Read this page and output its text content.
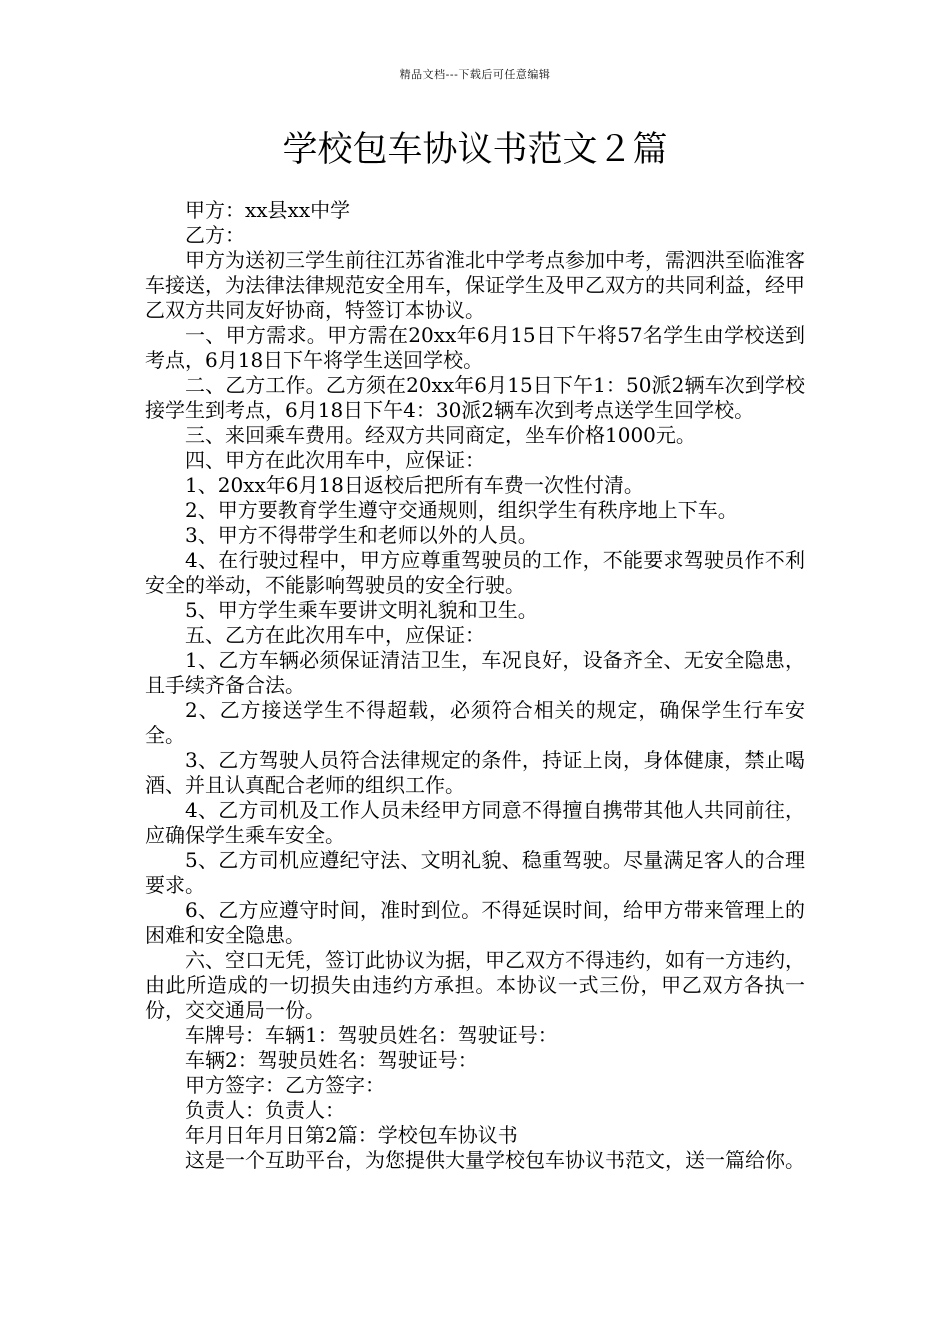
精品文档---下载后可任意编辑
学校包车协议书范文２篇

甲方：xx县xx中学

乙方：

甲方为送初三学生前往江苏省淮北中学考点参加中考，需泗洪至临淮客车接送，为法律法律规范安全用车，保证学生及甲乙双方的共同利益，经甲乙双方共同友好协商，特签订本协议。

一、甲方需求。甲方需在20xx年6月15日下午将57名学生由学校送到考点，6月18日下午将学生送回学校。

二、乙方工作。乙方须在20xx年6月15日下午1：50派2辆车次到学校接学生到考点，6月18日下午4：30派2辆车次到考点送学生回学校。

三、来回乘车费用。经双方共同商定，坐车价格1000元。

四、甲方在此次用车中，应保证：

1、20xx年6月18日返校后把所有车费一次性付清。

2、甲方要教育学生遵守交通规则，组织学生有秩序地上下车。

3、甲方不得带学生和老师以外的人员。

4、在行驶过程中，甲方应尊重驾驶员的工作，不能要求驾驶员作不利安全的举动，不能影响驾驶员的安全行驶。

5、甲方学生乘车要讲文明礼貌和卫生。

五、乙方在此次用车中，应保证：

1、乙方车辆必须保证清洁卫生，车况良好，设备齐全、无安全隐患，且手续齐备合法。

2、乙方接送学生不得超载，必须符合相关的规定，确保学生行车安全。

3、乙方驾驶人员符合法律规定的条件，持证上岗，身体健康，禁止喝酒、并且认真配合老师的组织工作。

4、乙方司机及工作人员未经甲方同意不得擅自携带其他人共同前往，应确保学生乘车安全。

5、乙方司机应遵纪守法、文明礼貌、稳重驾驶。尽量满足客人的合理要求。

6、乙方应遵守时间，准时到位。不得延误时间，给甲方带来管理上的困难和安全隐患。

六、空口无凭，签订此协议为据，甲乙双方不得违约，如有一方违约，由此所造成的一切损失由违约方承担。本协议一式三份，甲乙双方各执一份，交交通局一份。

车牌号：车辆1：驾驶员姓名：驾驶证号：

车辆2：驾驶员姓名：驾驶证号：

甲方签字：乙方签字：

负责人：负责人：

年月日年月日第2篇：学校包车协议书

这是一个互助平台，为您提供大量学校包车协议书范文，送一篇给你。
